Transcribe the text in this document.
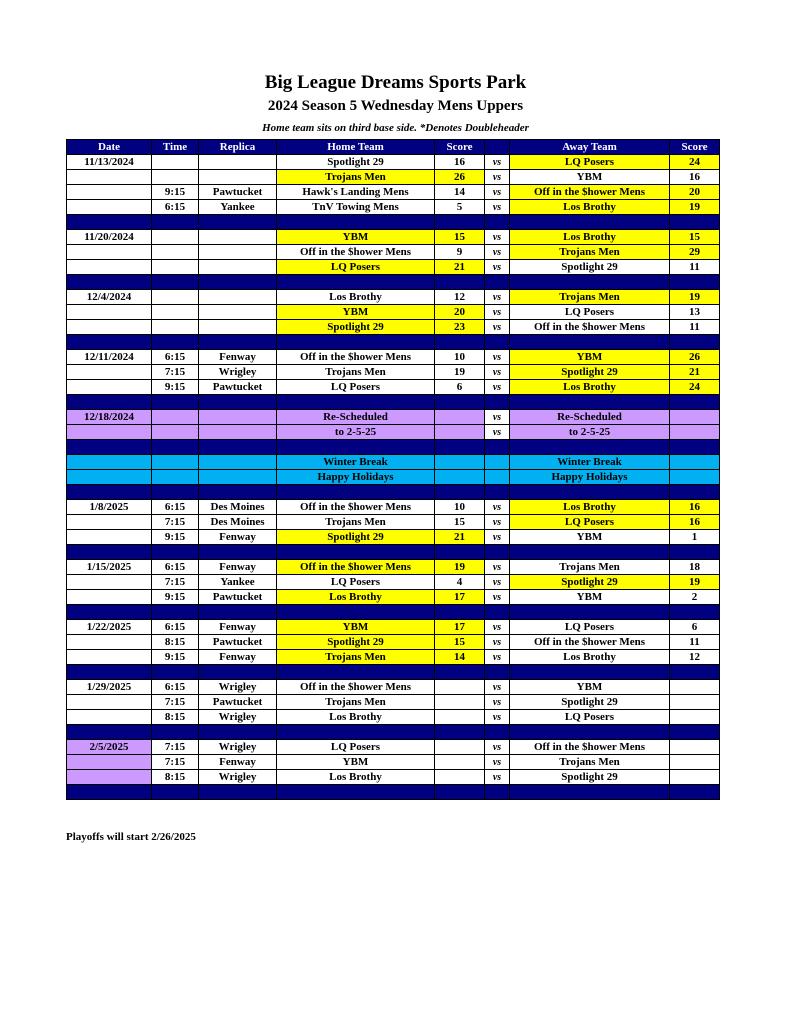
Big League Dreams Sports Park
2024 Season 5 Wednesday Mens Uppers
Home team sits on third base side. *Denotes Doubleheader
Date	Time	Replica	Home Team	Score		Away Team	Score
11/13/2024			Spotlight 29	16	vs	LQ Posers	24
			Trojans Men	26	vs	YBM	16
	9:15	Pawtucket	Hawk's Landing Mens	14	vs	Off in the $hower Mens	20
	6:15	Yankee	TnV Towing Mens	5	vs	Los Brothy	19

11/20/2024			YBM	15	vs	Los Brothy	15
			Off in the $hower Mens	9	vs	Trojans Men	29
			LQ Posers	21	vs	Spotlight 29	11

12/4/2024			Los Brothy	12	vs	Trojans Men	19
			YBM	20	vs	LQ Posers	13
			Spotlight 29	23	vs	Off in the $hower Mens	11

12/11/2024	6:15	Fenway	Off in the $hower Mens	10	vs	YBM	26
	7:15	Wrigley	Trojans Men	19	vs	Spotlight 29	21
	9:15	Pawtucket	LQ Posers	6	vs	Los Brothy	24

12/18/2024			Re-Scheduled		vs	Re-Scheduled	
			to 2-5-25		vs	to 2-5-25	

			Winter Break			Winter Break	
			Happy Holidays			Happy Holidays	

1/8/2025	6:15	Des Moines	Off in the $hower Mens	10	vs	Los Brothy	16
	7:15	Des Moines	Trojans Men	15	vs	LQ Posers	16
	9:15	Fenway	Spotlight 29	21	vs	YBM	1

1/15/2025	6:15	Fenway	Off in the $hower Mens	19	vs	Trojans Men	18
	7:15	Yankee	LQ Posers	4	vs	Spotlight 29	19
	9:15	Pawtucket	Los Brothy	17	vs	YBM	2

1/22/2025	6:15	Fenway	YBM	17	vs	LQ Posers	6
	8:15	Pawtucket	Spotlight 29	15	vs	Off in the $hower Mens	11
	9:15	Fenway	Trojans Men	14	vs	Los Brothy	12

1/29/2025	6:15	Wrigley	Off in the $hower Mens		vs	YBM	
	7:15	Pawtucket	Trojans Men		vs	Spotlight 29	
	8:15	Wrigley	Los Brothy		vs	LQ Posers	

2/5/2025	7:15	Wrigley	LQ Posers		vs	Off in the $hower Mens	
	7:15	Fenway	YBM		vs	Trojans Men	
	8:15	Wrigley	Los Brothy		vs	Spotlight 29	

Playoffs will start 2/26/2025
